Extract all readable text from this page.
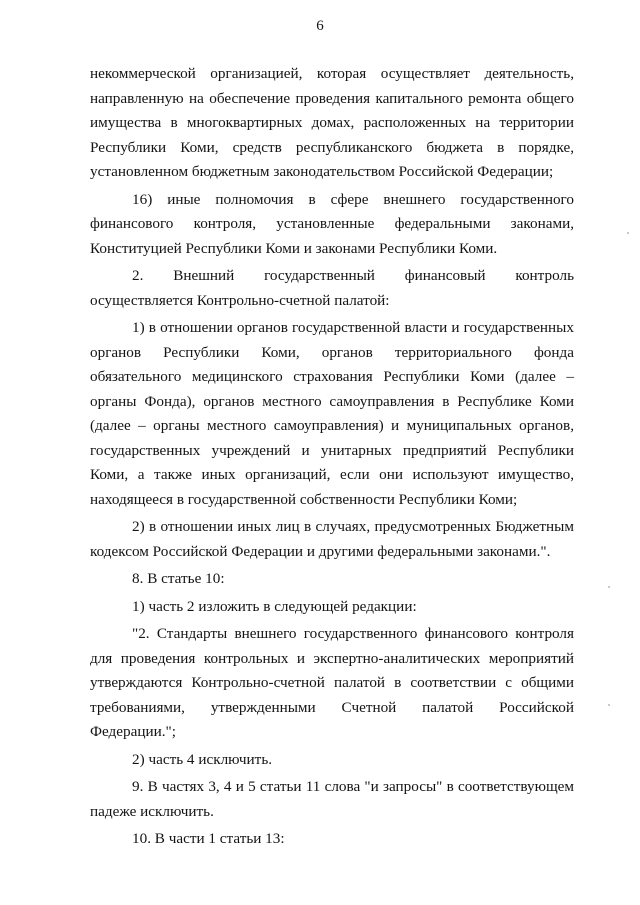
6

некоммерческой организацией, которая осуществляет деятельность, направленную на обеспечение проведения капитального ремонта общего имущества в многоквартирных домах, расположенных на территории Республики Коми, средств республиканского бюджета в порядке, установленном бюджетным законодательством Российской Федерации;

16) иные полномочия в сфере внешнего государственного финансового контроля, установленные федеральными законами, Конституцией Республики Коми и законами Республики Коми.

2. Внешний государственный финансовый контроль осуществляется Контрольно-счетной палатой:

1) в отношении органов государственной власти и государственных органов Республики Коми, органов территориального фонда обязательного медицинского страхования Республики Коми (далее – органы Фонда), органов местного самоуправления в Республике Коми (далее – органы местного самоуправления) и муниципальных органов, государственных учреждений и унитарных предприятий Республики Коми, а также иных организаций, если они используют имущество, находящееся в государственной собственности Республики Коми;

2) в отношении иных лиц в случаях, предусмотренных Бюджетным кодексом Российской Федерации и другими федеральными законами.".

8. В статье 10:

1) часть 2 изложить в следующей редакции:

"2. Стандарты внешнего государственного финансового контроля для проведения контрольных и экспертно-аналитических мероприятий утверждаются Контрольно-счетной палатой в соответствии с общими требованиями, утвержденными Счетной палатой Российской Федерации.";

2) часть 4 исключить.

9. В частях 3, 4 и 5 статьи 11 слова "и запросы" в соответствующем падеже исключить.

10. В части 1 статьи 13:
